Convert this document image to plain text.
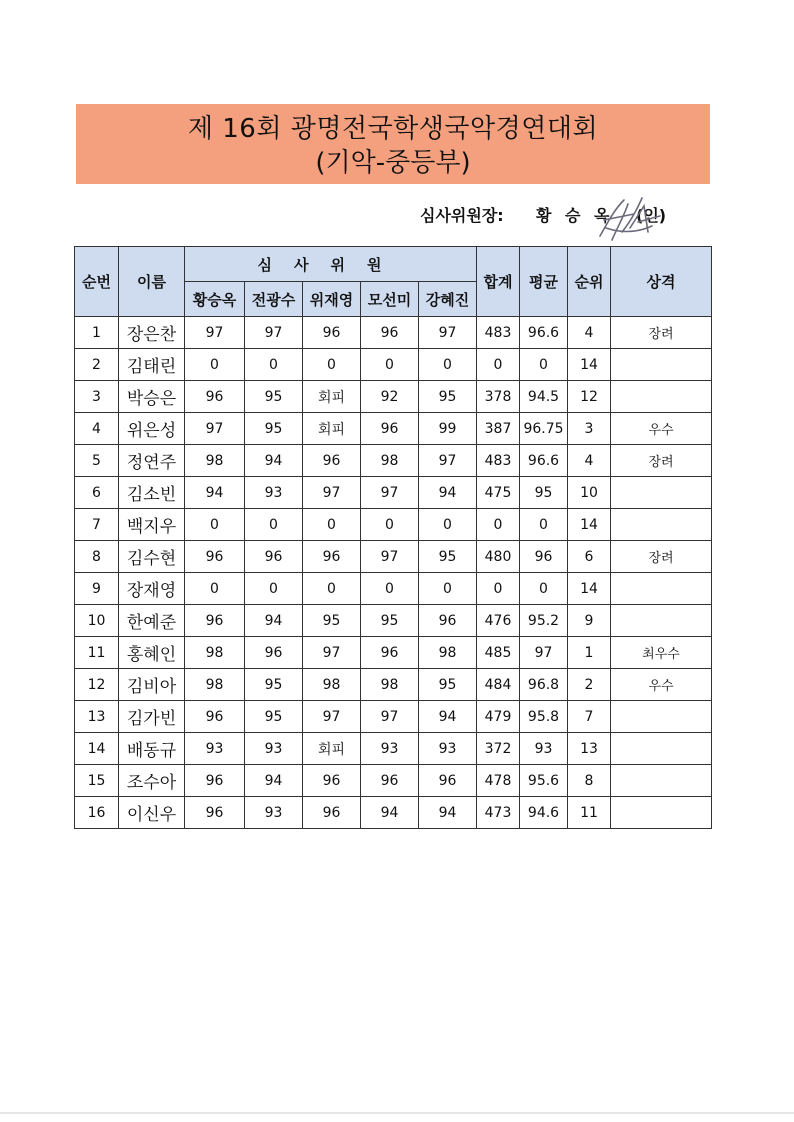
제 16회 광명전국학생국악경연대회
(기악-중등부)
심사위원장: 황 승 옥 (인)
순번	이름	심사위원					합계	평균	순위	상격
		황승옥	전광수	위재영	모선미	강혜진				
1	장은찬	97	97	96	96	97	483	96.6	4	장려
2	김태린	0	0	0	0	0	0	0	14	
3	박승은	96	95	회피	92	95	378	94.5	12	
4	위은성	97	95	회피	96	99	387	96.75	3	우수
5	정연주	98	94	96	98	97	483	96.6	4	장려
6	김소빈	94	93	97	97	94	475	95	10	
7	백지우	0	0	0	0	0	0	0	14	
8	김수현	96	96	96	97	95	480	96	6	장려
9	장재영	0	0	0	0	0	0	0	14	
10	한예준	96	94	95	95	96	476	95.2	9	
11	홍혜인	98	96	97	96	98	485	97	1	최우수
12	김비아	98	95	98	98	95	484	96.8	2	우수
13	김가빈	96	95	97	97	94	479	95.8	7	
14	배동규	93	93	회피	93	93	372	93	13	
15	조수아	96	94	96	96	96	478	95.6	8	
16	이신우	96	93	96	94	94	473	94.6	11	
